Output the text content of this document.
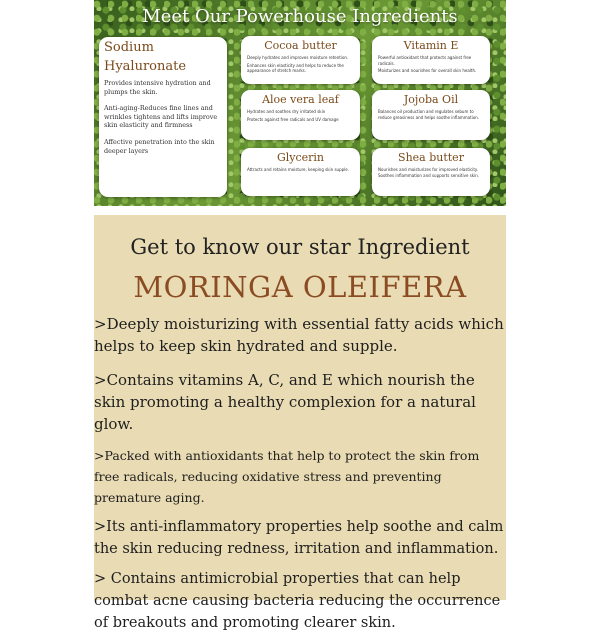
Meet Our Powerhouse Ingredients
Sodium Hyaluronate

Provides intensive hydration and plumps the skin.

Anti-aging-Reduces fine lines and wrinkles tightens and lifts improve skin elasticity and firmness

Affective penetration into the skin deeper layers

Cocoa butter

Deeply hydrates and improves moisture retention.

Enhances skin elasticity and helps to reduce the appearance of stretch marks.

Vitamin E

Powerful antioxidant that protects against free radicals.

Moisturizes and nourishes for overall skin health.

Aloe vera leaf

Hydrates and soothes dry irritated skin

Protects against free radicals and UV damage

Jojoba Oil

Balances oil production and regulates sebum to reduce greasiness and helps soothe inflammation.

Glycerin

Attracts and retains moisture, keeping skin supple.

Shea butter

Nourishes and moisturizes for improved elasticity. Soothes inflammation and supports sensitive skin.

Get to know our star Ingredient
MORINGA OLEIFERA

>Deeply moisturizing with essential fatty acids which helps to keep skin hydrated and supple.

>Contains vitamins A, C, and E which nourish the skin promoting a healthy complexion for a natural glow.

>Packed with antioxidants that help to protect the skin from free radicals, reducing oxidative stress and preventing premature aging.

>Its anti-inflammatory properties help soothe and calm the skin reducing redness, irritation and inflammation.

> Contains antimicrobial properties that can help combat acne causing bacteria reducing the occurrence of breakouts and promoting clearer skin.
